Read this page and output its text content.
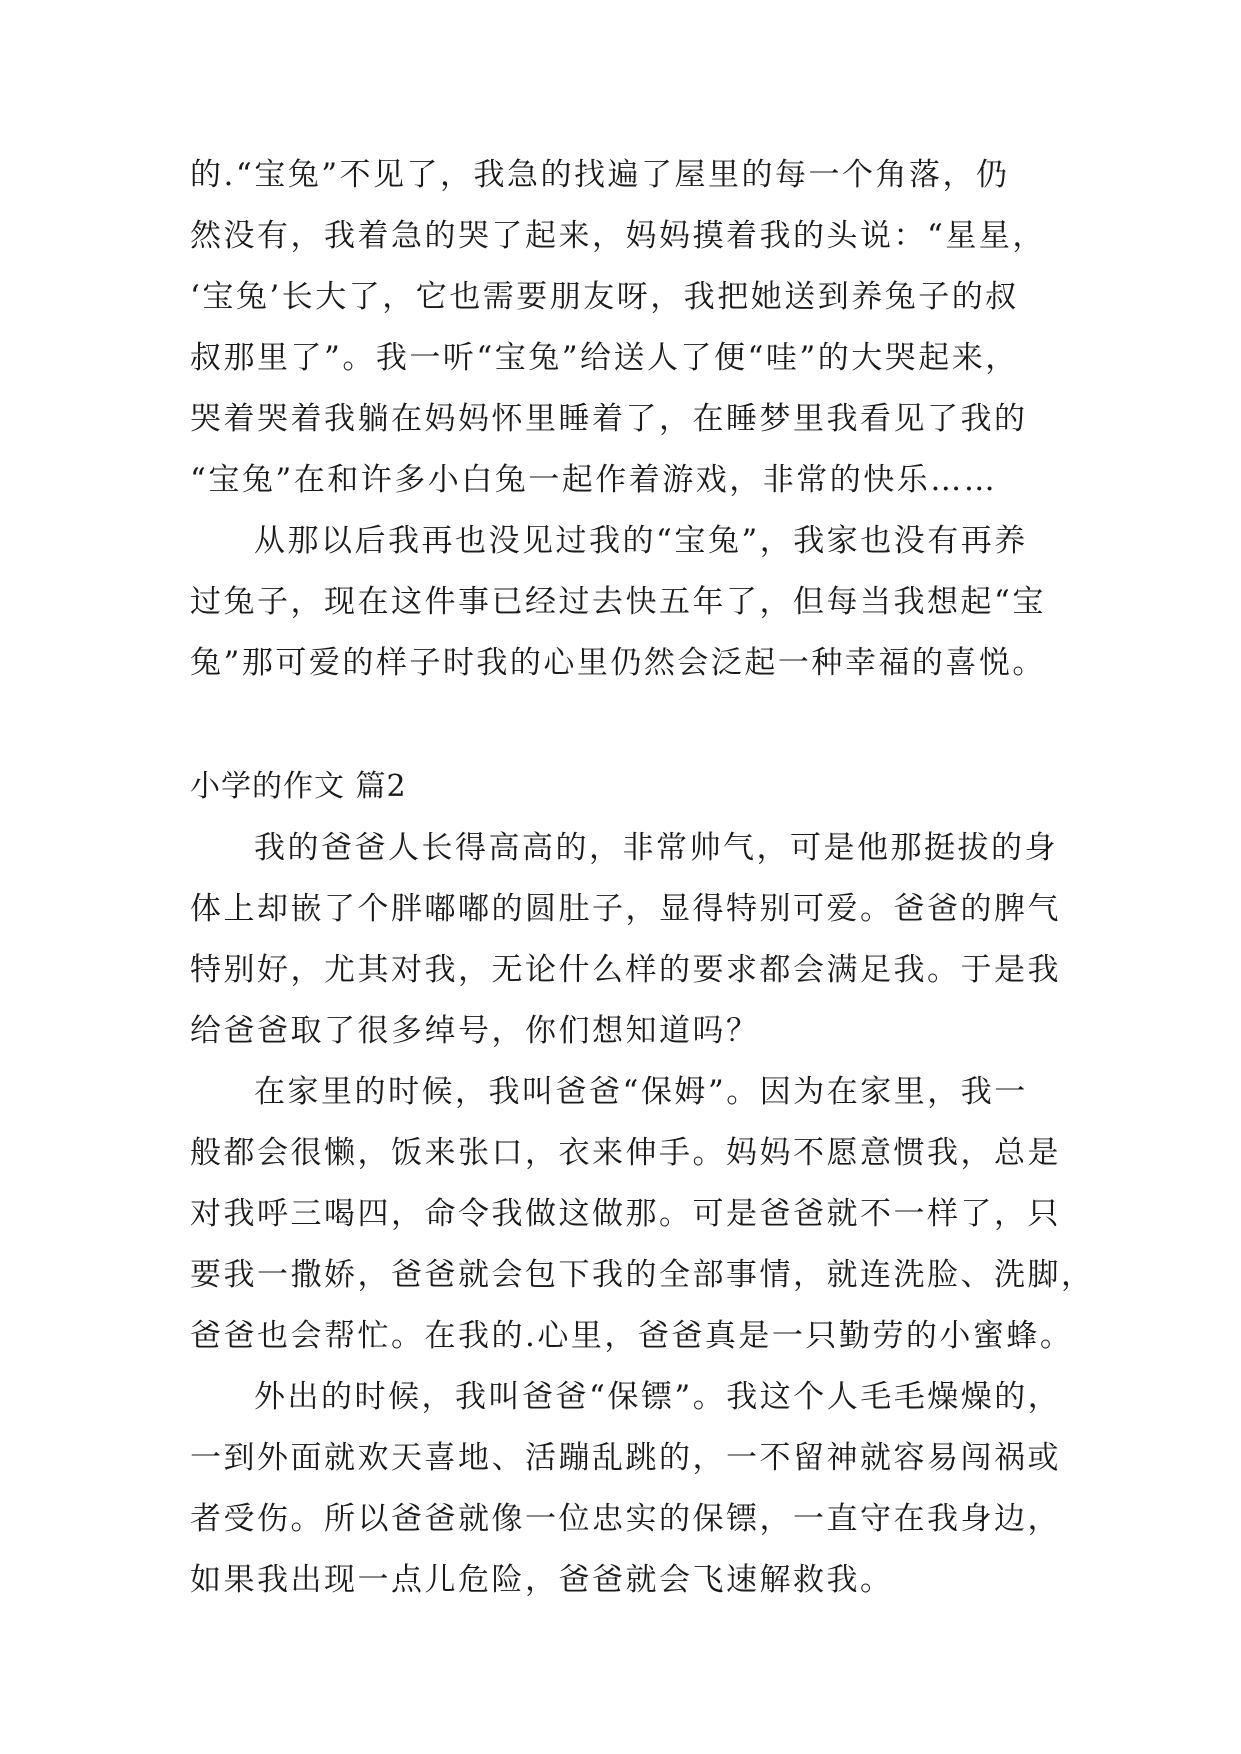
的.“宝兔”不见了，我急的找遍了屋里的每一个角落，仍
然没有，我着急的哭了起来，妈妈摸着我的头说：“星星，
‘宝兔’长大了，它也需要朋友呀，我把她送到养兔子的叔
叔那里了”。我一听“宝兔”给送人了便“哇”的大哭起来，
哭着哭着我躺在妈妈怀里睡着了，在睡梦里我看见了我的
“宝兔”在和许多小白兔一起作着游戏，非常的快乐……
从那以后我再也没见过我的“宝兔”，我家也没有再养
过兔子，现在这件事已经过去快五年了，但每当我想起“宝
兔”那可爱的样子时我的心里仍然会泛起一种幸福的喜悦。
小学的作文 篇2
我的爸爸人长得高高的，非常帅气，可是他那挺拔的身
体上却嵌了个胖嘟嘟的圆肚子，显得特别可爱。爸爸的脾气
特别好，尤其对我，无论什么样的要求都会满足我。于是我
给爸爸取了很多绰号，你们想知道吗？
在家里的时候，我叫爸爸“保姆”。因为在家里，我一
般都会很懒，饭来张口，衣来伸手。妈妈不愿意惯我，总是
对我呼三喝四，命令我做这做那。可是爸爸就不一样了，只
要我一撒娇，爸爸就会包下我的全部事情，就连洗脸、洗脚，
爸爸也会帮忙。在我的.心里，爸爸真是一只勤劳的小蜜蜂。
外出的时候，我叫爸爸“保镖”。我这个人毛毛燥燥的，
一到外面就欢天喜地、活蹦乱跳的，一不留神就容易闯祸或
者受伤。所以爸爸就像一位忠实的保镖，一直守在我身边，
如果我出现一点儿危险，爸爸就会飞速解救我。
